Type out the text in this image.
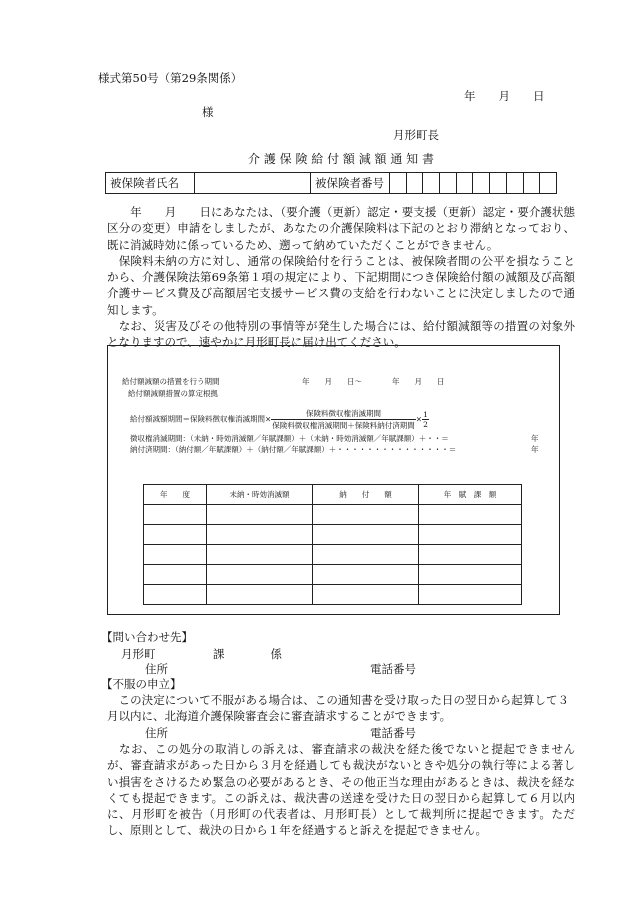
様式第50号（第29条関係）
年　　月　　日
様
月形町長
介 護 保 険 給 付 額 減 額 通 知 書
被保険者氏名		被保険者番号										

　　年　　月　　日にあなたは、（要介護（更新）認定・要支援（更新）認定・要介護状態区分の変更）申請をしましたが、あなたの介護保険料は下記のとおり滞納となっており、既に消滅時効に係っているため、遡って納めていただくことができません。

　保険料未納の方に対し、通常の保険給付を行うことは、被保険者間の公平を損なうことから、介護保険法第69条第１項の規定により、下記期間につき保険給付額の減額及び高額介護サービス費及び高額居宅支援サービス費の支給を行わないことに決定しましたので通知します。

　なお、災害及びその他特別の事情等が発生した場合には、給付額減額等の措置の対象外となりますので、速やかに月形町長に届け出てください。

給付額減額の措置を行う期間	年　　月　　日～　　　　年　　月　　日
給付額減額措置の算定根拠
給付額減額期間＝保険料徴収権消滅期間× $\frac{\text{保険料徴収権消滅期間}}{\text{保険料徴収権消滅期間＋保険料納付済期間}} \times \frac{1}{2}$
徴収権消滅期間：（未納・時効消滅額／年賦課額）＋（未納・時効消滅額／年賦課額）＋・・＝	年
納付済期間：（納付額／年賦課額）＋（納付額／年賦課額）＋・・・・・・・・・・・・・・・＝	年
年　　度	未納・時効消滅額	納　　付　　額	年　賦　課　額

【問い合わせ先】
月形町　　　　　課　　　　係
住所	電話番号
【不服の申立】
　この決定について不服がある場合は、この通知書を受け取った日の翌日から起算して３月以内に、北海道介護保険審査会に審査請求することができます。
住所	電話番号
　なお、この処分の取消しの訴えは、審査請求の裁決を経た後でないと提起できませんが、審査請求があった日から３月を経過しても裁決がないときや処分の執行等による著しい損害をさけるため緊急の必要があるとき、その他正当な理由があるときは、裁決を経なくても提起できます。この訴えは、裁決書の送達を受けた日の翌日から起算して６月以内に、月形町を被告（月形町の代表者は、月形町長）として裁判所に提起できます。ただし、原則として、裁決の日から１年を経過すると訴えを提起できません。
